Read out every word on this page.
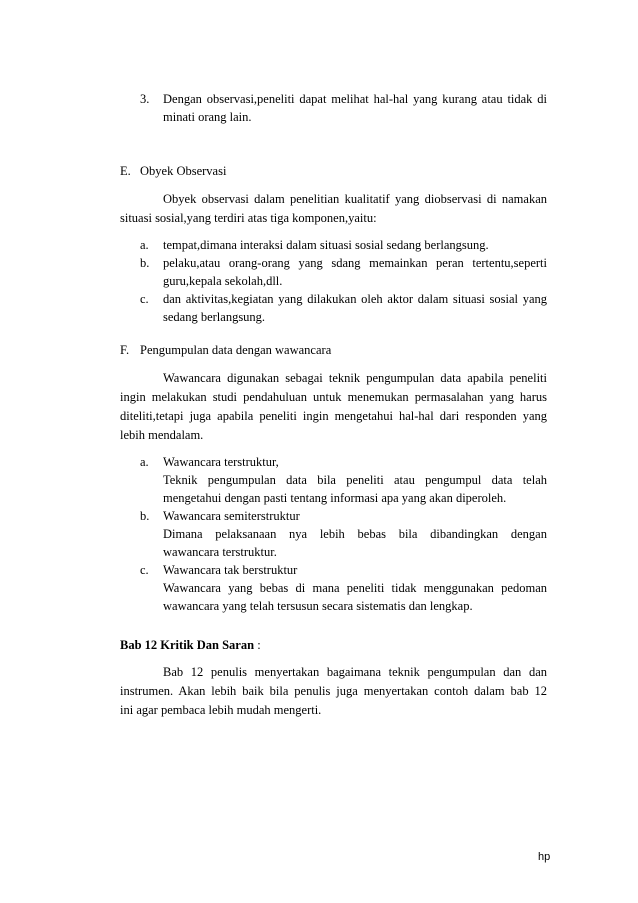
3. Dengan observasi,peneliti dapat melihat hal-hal yang kurang atau tidak di
minati orang lain.
E. Obyek Observasi
Obyek observasi dalam penelitian kualitatif yang diobservasi di namakan
situasi sosial,yang terdiri atas tiga komponen,yaitu:
a. tempat,dimana interaksi dalam situasi sosial sedang berlangsung.
b. pelaku,atau orang-orang yang sdang memainkan peran tertentu,seperti
guru,kepala sekolah,dll.
c. dan aktivitas,kegiatan yang dilakukan oleh aktor dalam situasi sosial yang
sedang berlangsung.
F. Pengumpulan data dengan wawancara
Wawancara digunakan sebagai teknik pengumpulan data apabila peneliti
ingin melakukan studi pendahuluan untuk menemukan permasalahan yang harus
diteliti,tetapi juga apabila peneliti ingin mengetahui hal-hal dari responden yang
lebih mendalam.
a. Wawancara terstruktur,
Teknik pengumpulan data bila peneliti atau pengumpul data telah
mengetahui dengan pasti tentang informasi apa yang akan diperoleh.
b. Wawancara semiterstruktur
Dimana pelaksanaan nya lebih bebas bila dibandingkan dengan
wawancara terstruktur.
c. Wawancara tak berstruktur
Wawancara yang bebas di mana peneliti tidak menggunakan pedoman
wawancara yang telah tersusun secara sistematis dan lengkap.
Bab 12 Kritik Dan Saran :
Bab 12 penulis menyertakan bagaimana teknik pengumpulan dan dan
instrumen. Akan lebih baik bila penulis juga menyertakan contoh dalam bab 12
ini agar pembaca lebih mudah mengerti.
hp
